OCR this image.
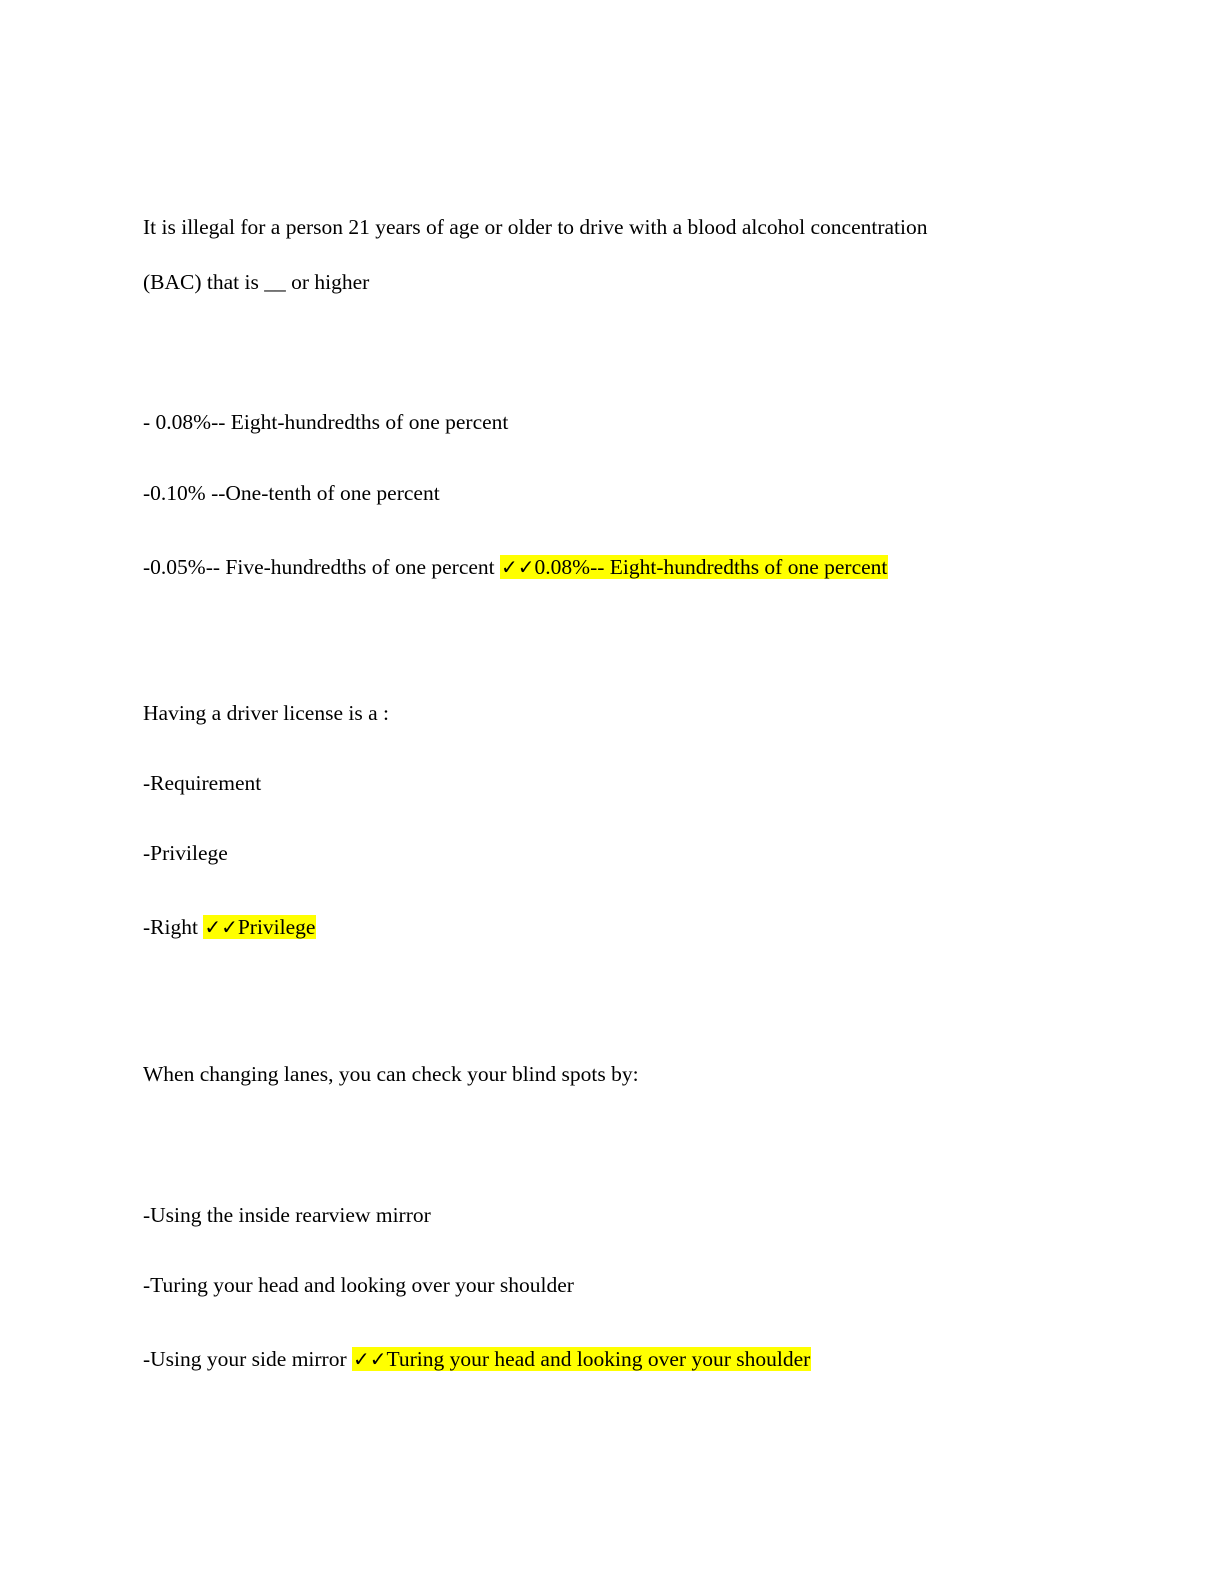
It is illegal for a person 21 years of age or older to drive with a blood alcohol concentration
(BAC) that is __ or higher
- 0.08%-- Eight-hundredths of one percent
-0.10% --One-tenth of one percent
-0.05%-- Five-hundredths of one percent ✓✓0.08%-- Eight-hundredths of one percent
Having a driver license is a :
-Requirement
-Privilege
-Right ✓✓Privilege
When changing lanes, you can check your blind spots by:
-Using the inside rearview mirror
-Turing your head and looking over your shoulder
-Using your side mirror ✓✓Turing your head and looking over your shoulder
